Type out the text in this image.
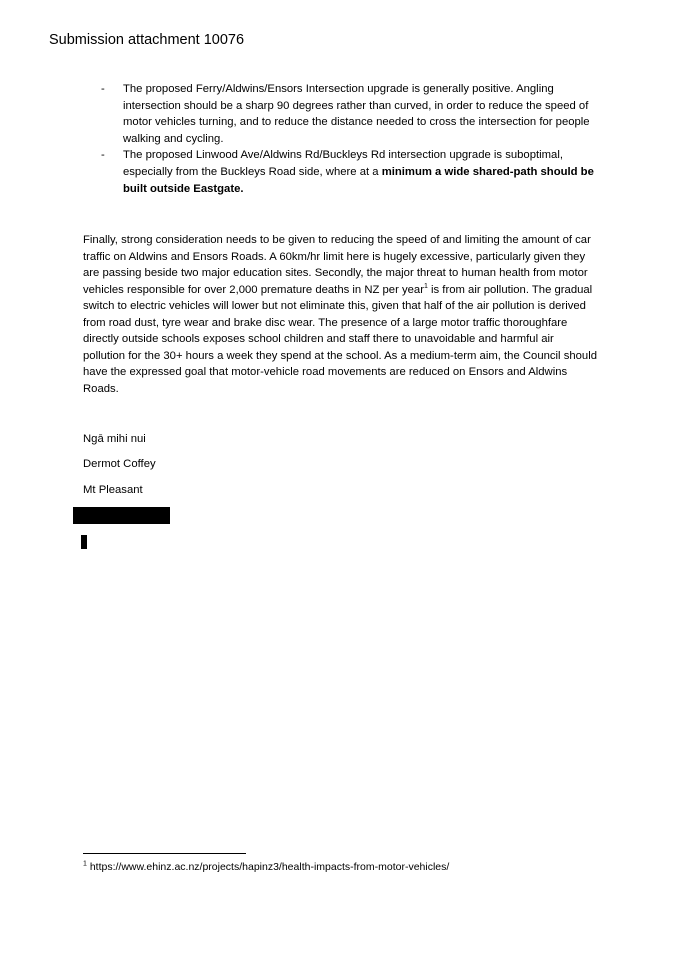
Submission attachment 10076
- The proposed Ferry/Aldwins/Ensors Intersection upgrade is generally positive. Angling intersection should be a sharp 90 degrees rather than curved, in order to reduce the speed of motor vehicles turning, and to reduce the distance needed to cross the intersection for people walking and cycling.
- The proposed Linwood Ave/Aldwins Rd/Buckleys Rd intersection upgrade is suboptimal, especially from the Buckleys Road side, where at a minimum a wide shared-path should be built outside Eastgate.

Finally, strong consideration needs to be given to reducing the speed of and limiting the amount of car traffic on Aldwins and Ensors Roads. A 60km/hr limit here is hugely excessive, particularly given they are passing beside two major education sites. Secondly, the major threat to human health from motor vehicles responsible for over 2,000 premature deaths in NZ per year$^1$ is from air pollution. The gradual switch to electric vehicles will lower but not eliminate this, given that half of the air pollution is derived from road dust, tyre wear and brake disc wear. The presence of a large motor traffic thoroughfare directly outside schools exposes school children and staff there to unavoidable and harmful air pollution for the 30+ hours a week they spend at the school. As a medium-term aim, the Council should have the expressed goal that motor-vehicle road movements are reduced on Ensors and Aldwins Roads.

Ngā mihi nui
Dermot Coffey
Mt Pleasant
$^1$ https://www.ehinz.ac.nz/projects/hapinz3/health-impacts-from-motor-vehicles/
